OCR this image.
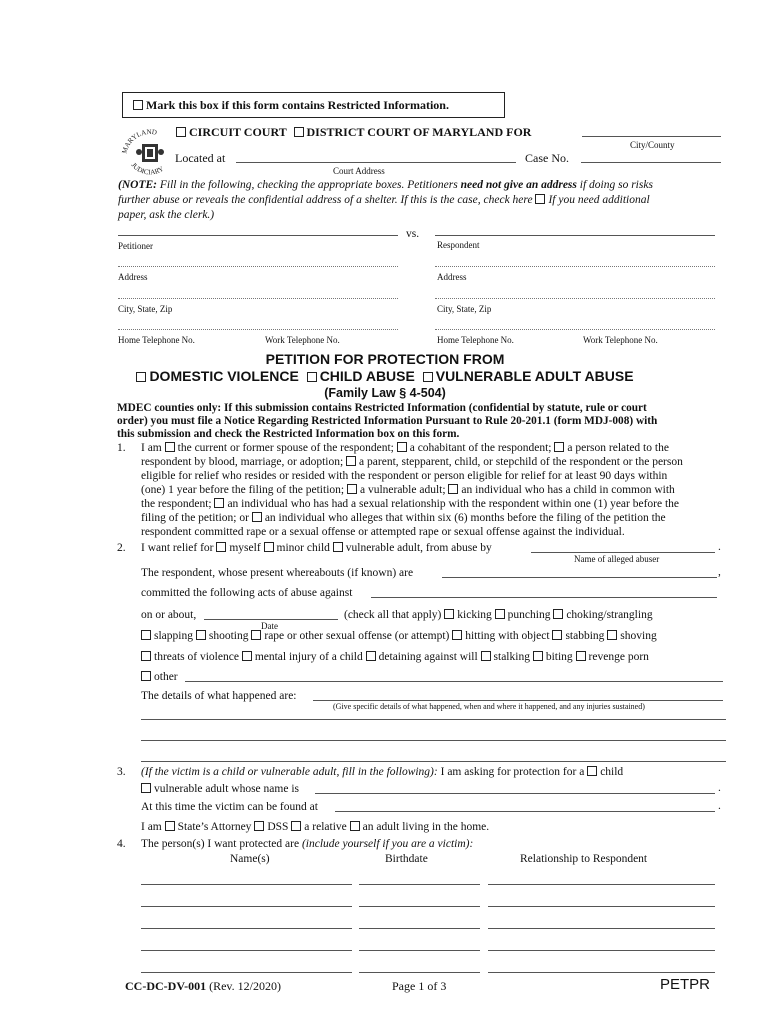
Mark this box if this form contains Restricted Information.
MARYLAND
JUDICIARY
CIRCUIT COURT DISTRICT COURT OF MARYLAND FOR
City/County
Located at
Court Address
Case No.
(NOTE: Fill in the following, checking the appropriate boxes. Petitioners need not give an address if doing so risks
further abuse or reveals the confidential address of a shelter. If this is the case, check here If you need additional
paper, ask the clerk.)
vs.
Petitioner	Respondent
Address	Address
City, State, Zip	City, State, Zip
Home Telephone No.	Work Telephone No.	Home Telephone No.	Work Telephone No.
PETITION FOR PROTECTION FROM
DOMESTIC VIOLENCE CHILD ABUSE VULNERABLE ADULT ABUSE
(Family Law § 4-504)
MDEC counties only: If this submission contains Restricted Information (confidential by statute, rule or court
order) you must file a Notice Regarding Restricted Information Pursuant to Rule 20-201.1 (form MDJ-008) with
this submission and check the Restricted Information box on this form.
1. I am the current or former spouse of the respondent; a cohabitant of the respondent; a person related to the
respondent by blood, marriage, or adoption; a parent, stepparent, child, or stepchild of the respondent or the person
eligible for relief who resides or resided with the respondent or person eligible for relief for at least 90 days within
(one) 1 year before the filing of the petition; a vulnerable adult; an individual who has a child in common with
the respondent; an individual who has had a sexual relationship with the respondent within one (1) year before the
filing of the petition; or an individual who alleges that within six (6) months before the filing of the petition the
respondent committed rape or a sexual offense or attempted rape or sexual offense against the individual.
2. I want relief for myself minor child vulnerable adult, from abuse by	.
Name of alleged abuser
The respondent, whose present whereabouts (if known) are	,
committed the following acts of abuse against
on or about,
Date
(check all that apply) kicking punching choking/strangling
slapping shooting rape or other sexual offense (or attempt) hitting with object stabbing shoving
threats of violence mental injury of a child detaining against will stalking biting revenge porn
other
The details of what happened are:
(Give specific details of what happened, when and where it happened, and any injuries sustained)
3. (If the victim is a child or vulnerable adult, fill in the following): I am asking for protection for a child
vulnerable adult whose name is	.
At this time the victim can be found at	.
I am State’s Attorney DSS a relative an adult living in the home.
4. The person(s) I want protected are (include yourself if you are a victim):
Name(s)	Birthdate	Relationship to Respondent
CC-DC-DV-001 (Rev. 12/2020)	Page 1 of 3	PETPR
